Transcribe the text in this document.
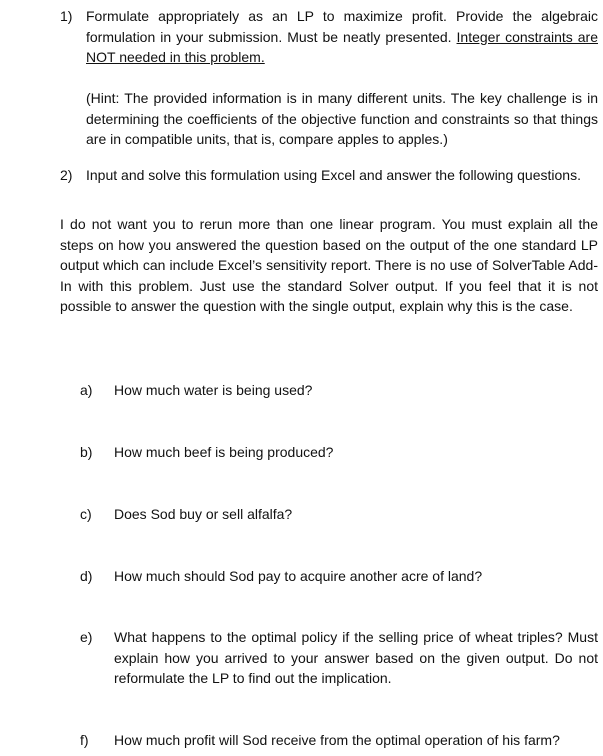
1) Formulate appropriately as an LP to maximize profit. Provide the algebraic formulation in your submission. Must be neatly presented. Integer constraints are NOT needed in this problem.
(Hint: The provided information is in many different units. The key challenge is in determining the coefficients of the objective function and constraints so that things are in compatible units, that is, compare apples to apples.)
2) Input and solve this formulation using Excel and answer the following questions.
I do not want you to rerun more than one linear program. You must explain all the steps on how you answered the question based on the output of the one standard LP output which can include Excel’s sensitivity report. There is no use of SolverTable Add-In with this problem. Just use the standard Solver output. If you feel that it is not possible to answer the question with the single output, explain why this is the case.
a) How much water is being used?
b) How much beef is being produced?
c) Does Sod buy or sell alfalfa?
d) How much should Sod pay to acquire another acre of land?
e) What happens to the optimal policy if the selling price of wheat triples? Must explain how you arrived to your answer based on the given output. Do not reformulate the LP to find out the implication.
f) How much profit will Sod receive from the optimal operation of his farm?
